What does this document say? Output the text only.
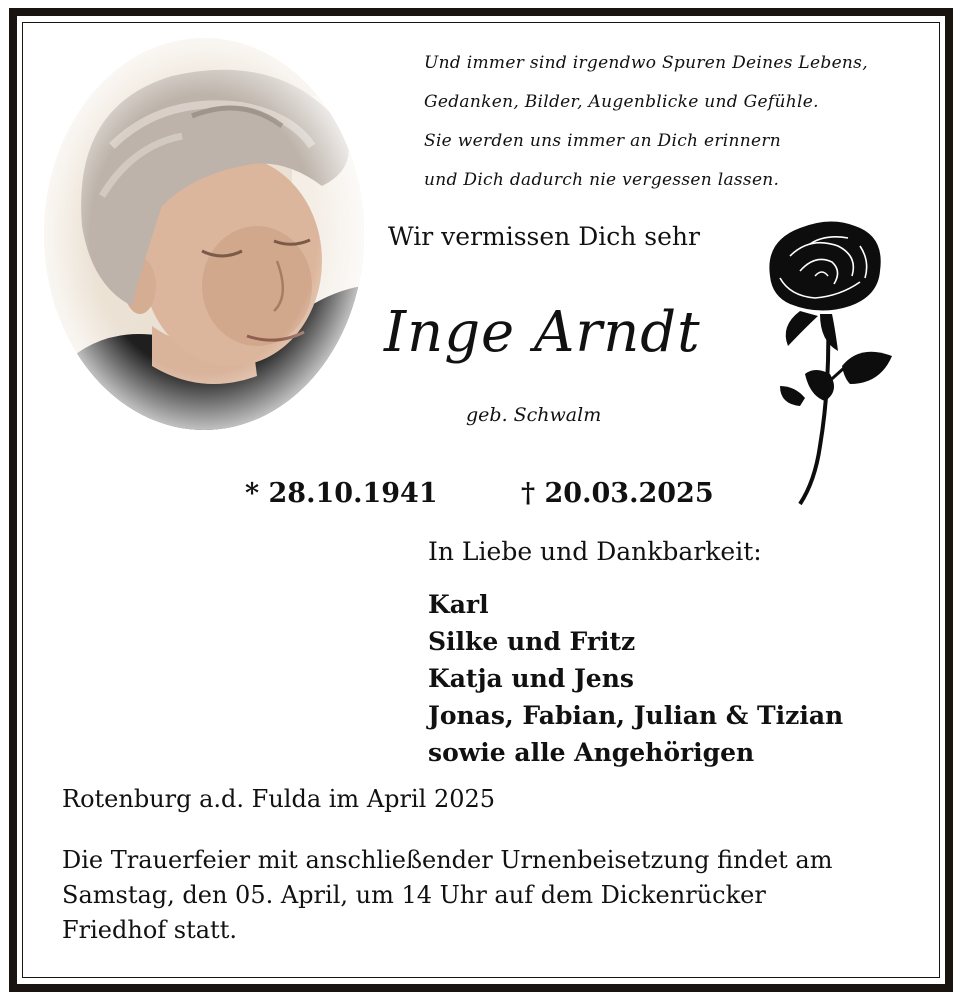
Und immer sind irgendwo Spuren Deines Lebens,
Gedanken, Bilder, Augenblicke und Gefühle.
Sie werden uns immer an Dich erinnern
und Dich dadurch nie vergessen lassen.
Wir vermissen Dich sehr
Inge Arndt
geb. Schwalm
* 28.10.1941	† 20.03.2025
In Liebe und Dankbarkeit:
Karl
Silke und Fritz
Katja und Jens
Jonas, Fabian, Julian & Tizian
sowie alle Angehörigen
Rotenburg a.d. Fulda im April 2025
Die Trauerfeier mit anschließender Urnenbeisetzung findet am
Samstag, den 05. April, um 14 Uhr auf dem Dickenrücker
Friedhof statt.
